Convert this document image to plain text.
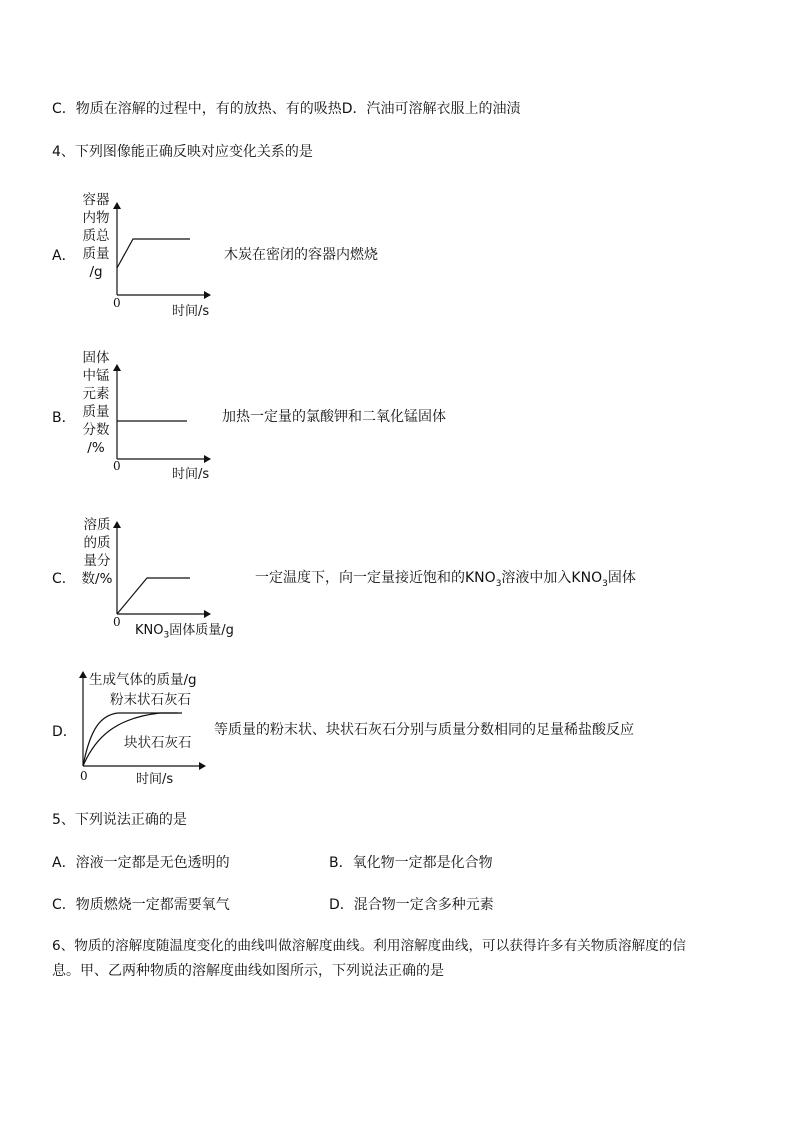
C．物质在溶解的过程中，有的放热、有的吸热D．汽油可溶解衣服上的油渍
4、下列图像能正确反映对应变化关系的是
A．
容器
内物
质总
质量
/g
0
时间/s
木炭在密闭的容器内燃烧
B．
固体
中锰
元素
质量
分数
/%
0
时间/s
加热一定量的氯酸钾和二氧化锰固体
C．
溶质
的质
量分
数/%
0
$KNO_3$固体质量/g
一定温度下，向一定量接近饱和的$KNO_3$溶液中加入$KNO_3$固体
D．
生成气体的质量/g
粉末状石灰石
块状石灰石
0	时间/s
等质量的粉末状、块状石灰石分别与质量分数相同的足量稀盐酸反应
5、下列说法正确的是
A．溶液一定都是无色透明的	B．氧化物一定都是化合物
C．物质燃烧一定都需要氧气	D．混合物一定含多种元素
6、物质的溶解度随温度变化的曲线叫做溶解度曲线。利用溶解度曲线，可以获得许多有关物质溶解度的信
息。甲、乙两种物质的溶解度曲线如图所示，下列说法正确的是
